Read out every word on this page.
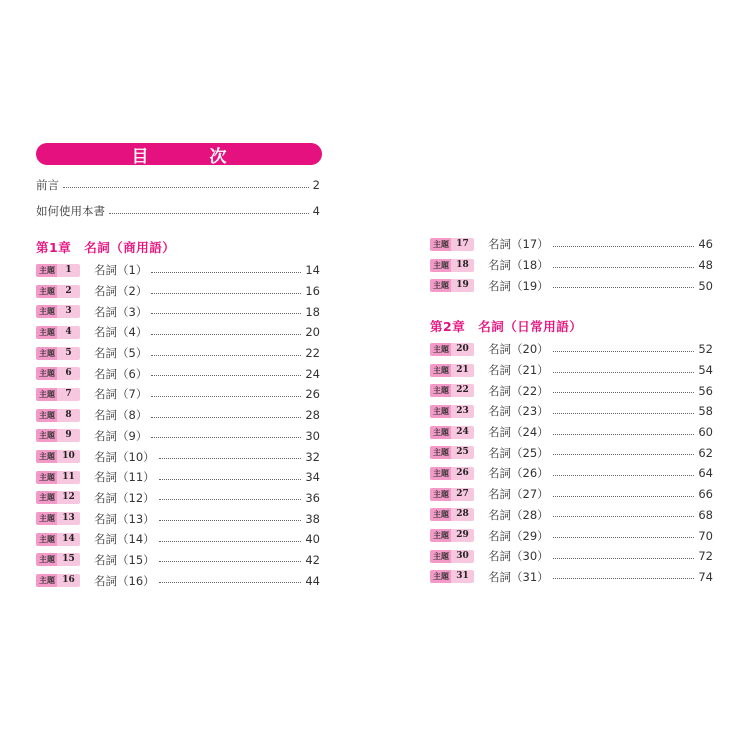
目　次
前言	2
如何使用本書	4
第1章　名詞（商用語）
主題	1	名詞（1）	14
主題	2	名詞（2）	16
主題	3	名詞（3）	18
主題	4	名詞（4）	20
主題	5	名詞（5）	22
主題	6	名詞（6）	24
主題	7	名詞（7）	26
主題	8	名詞（8）	28
主題	9	名詞（9）	30
主題 10	名詞（10）	32
主題 11	名詞（11）	34
主題 12	名詞（12）	36
主題 13	名詞（13）	38
主題 14	名詞（14）	40
主題 15	名詞（15）	42
主題 16	名詞（16）	44
主題 17	名詞（17）	46
主題 18	名詞（18）	48
主題 19	名詞（19）	50
第2章　名詞（日常用語）
主題 20	名詞（20）	52
主題 21	名詞（21）	54
主題 22	名詞（22）	56
主題 23	名詞（23）	58
主題 24	名詞（24）	60
主題 25	名詞（25）	62
主題 26	名詞（26）	64
主題 27	名詞（27）	66
主題 28	名詞（28）	68
主題 29	名詞（29）	70
主題 30	名詞（30）	72
主題 31	名詞（31）	74
